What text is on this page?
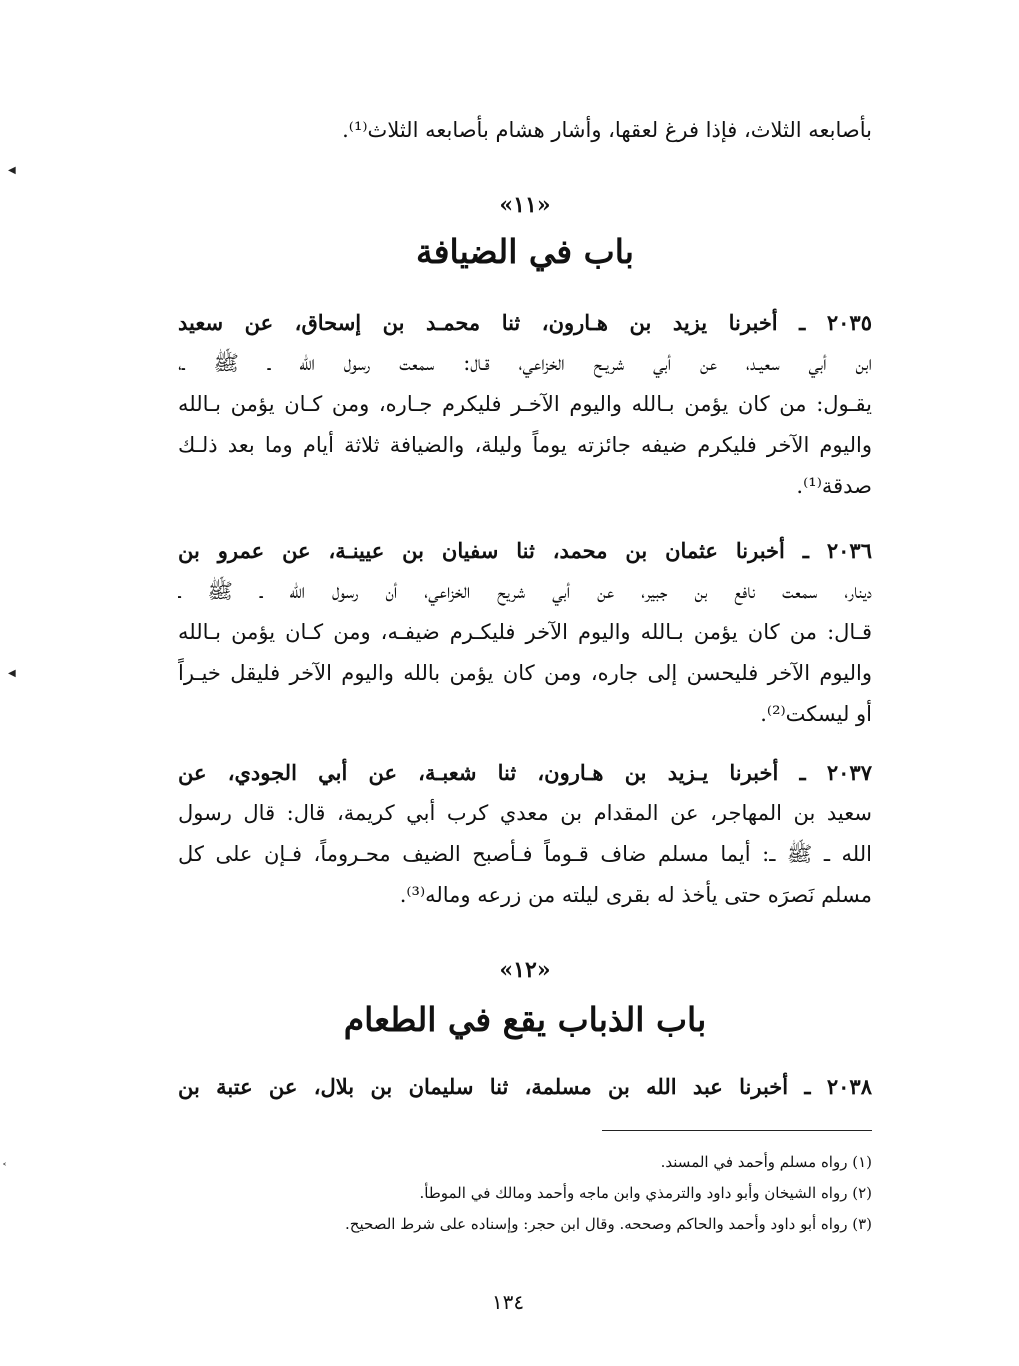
بأصابعه الثلاث، فإذا فرغ لعقها، وأشار هشام بأصابعه الثلاث⁽¹⁾.
«١١»
باب في الضيافة
٢٠٣٥ ـ أخبرنا يزيد بن هـارون، ثنا محمـد بن إسحاق، عن سعيد
ابن أبي سعيـد، عن أبي شريـح الخزاعي، قـال: سمعت رسول الله ـ ﷺ ـ،
يقـول: من كان يؤمن بـالله واليوم الآخـر فليكرم جـاره، ومن كـان يؤمن بـالله
واليوم الآخر فليكرم ضيفه جائزته يوماً وليلة، والضيافة ثلاثة أيام وما بعد ذلـك
صدقة⁽¹⁾.
٢٠٣٦ ـ أخبرنا عثمان بن محمد، ثنا سفيان بن عيينـة، عن عمرو بن
دينار، سمعت نافع بن جبير، عن أبي شريح الخزاعي، أن رسول الله ـ ﷺ ـ
قـال: من كان يؤمن بـالله واليوم الآخر فليكـرم ضيفـه، ومن كـان يؤمن بـالله
واليوم الآخر فليحسن إلى جاره، ومن كان يؤمن بالله واليوم الآخر فليقل خيـراً
أو ليسكت⁽²⁾.
٢٠٣٧ ـ أخبرنا يـزيد بن هـارون، ثنا شعبـة، عن أبي الجودي، عن
سعيد بن المهاجر، عن المقدام بن معدي كرب أبي كريمة، قال: قال رسول
الله ـ ﷺ ـ: أيما مسلم ضاف قـوماً فـأصبح الضيف محـروماً، فـإن على كل
مسلم نَصرَه حتى يأخذ له بقرى ليلته من زرعه وماله⁽³⁾.
«١٢»
باب الذباب يقع في الطعام
٢٠٣٨ ـ أخبرنا عبد الله بن مسلمة، ثنا سليمان بن بلال، عن عتبة بن
(١) رواه مسلم وأحمد في المسند.
(٢) رواه الشيخان وأبو داود والترمذي وابن ماجه وأحمد ومالك في الموطأ.
(٣) رواه أبو داود وأحمد والحاكم وصححه. وقال ابن حجر: وإسناده على شرط الصحيح.
١٣٤
◀
◀
˂
